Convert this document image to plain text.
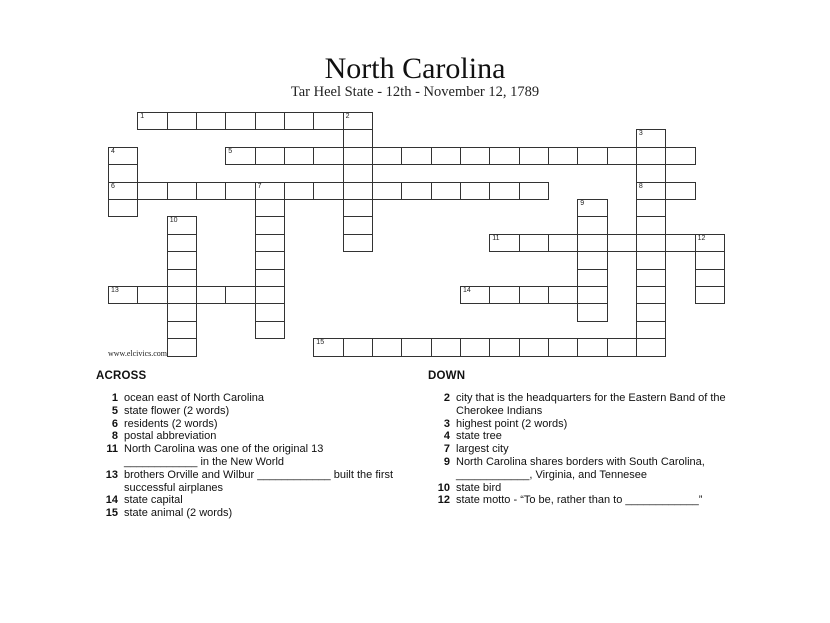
North Carolina
Tar Heel State - 12th - November 12, 1789
1	2
3
8
4
6
5
7
9
10
11	12
13	14
15
www.elcivics.com
ACROSS
1 ocean east of North Carolina
5 state flower (2 words)
6 residents (2 words)
8 postal abbreviation
11 North Carolina was one of the original 13 ____________ in the New World
13 brothers Orville and Wilbur ____________ built the first successful airplanes
14 state capital
15 state animal (2 words)
DOWN
2 city that is the headquarters for the Eastern Band of the Cherokee Indians
3 highest point (2 words)
4 state tree
7 largest city
9 North Carolina shares borders with South Carolina, ____________, Virginia, and Tennesee
10 state bird
12 state motto - “To be, rather than to ____________”
